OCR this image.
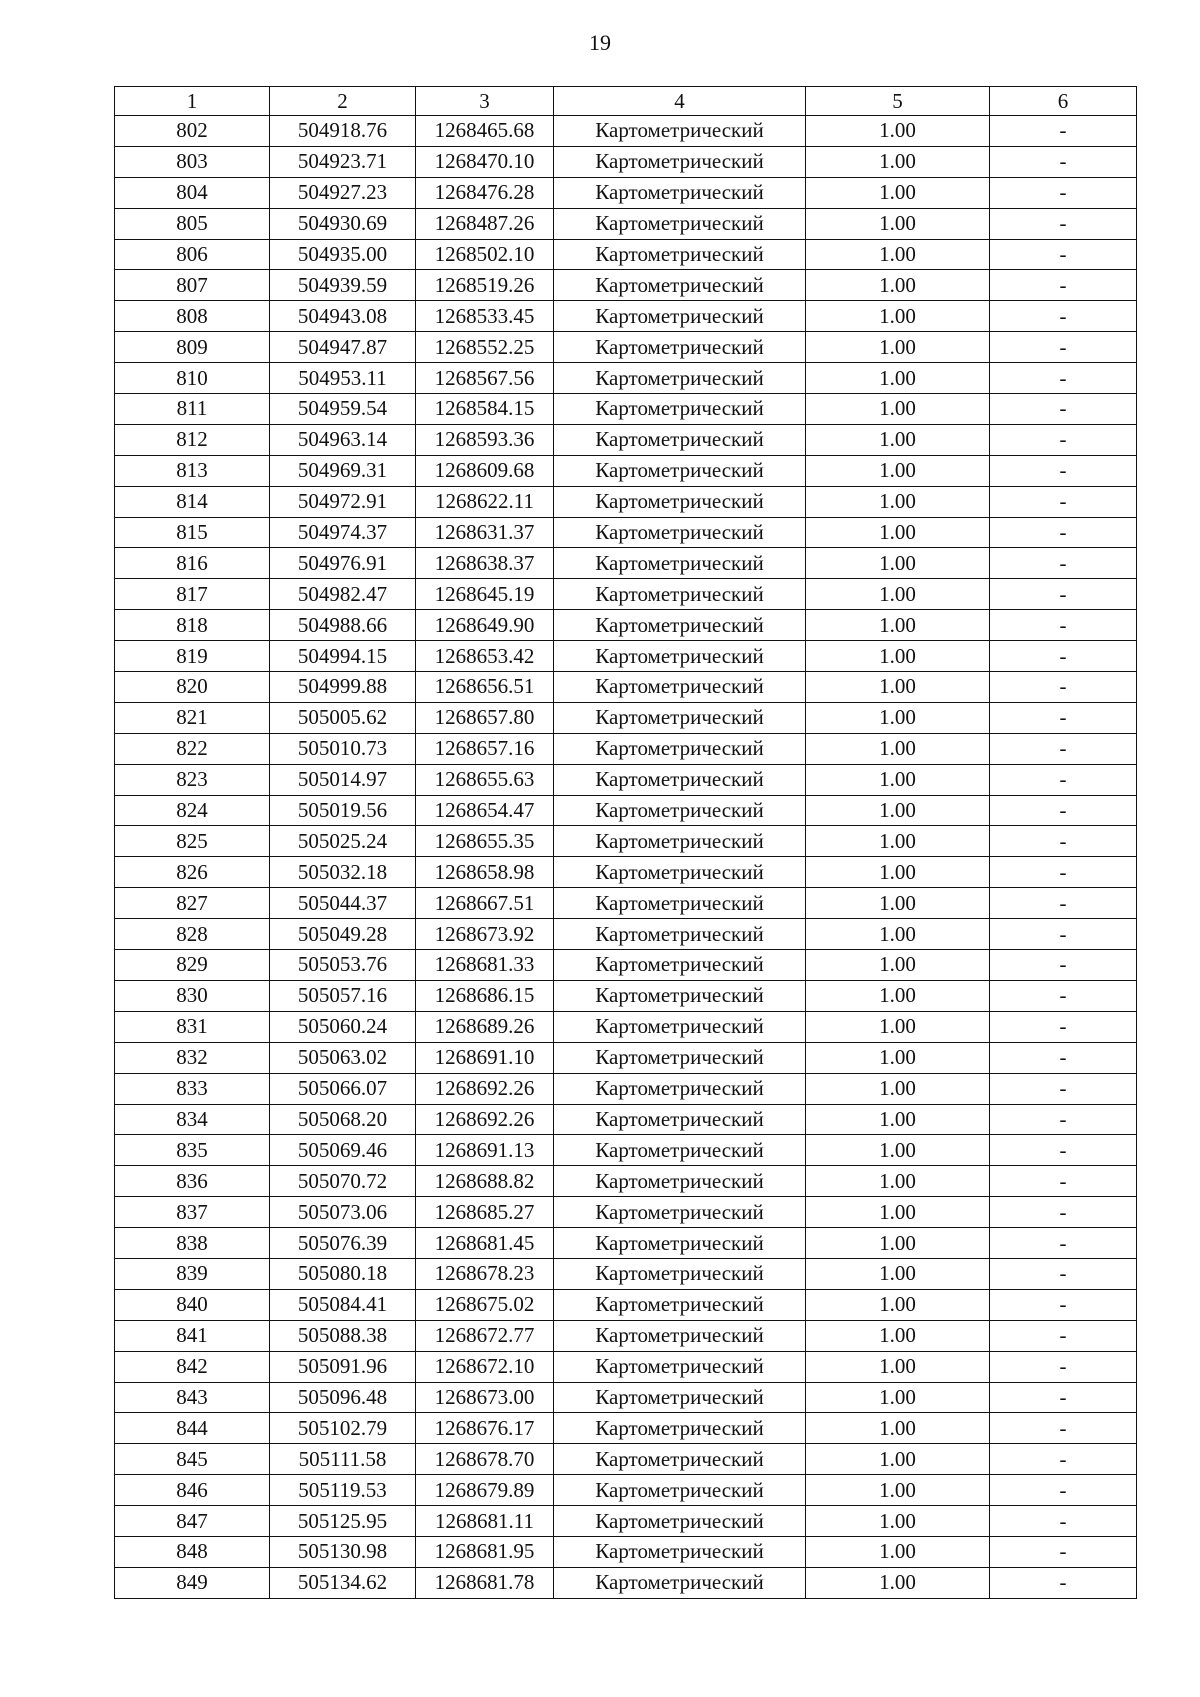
19
1	2	3	4	5	6
802	504918.76	1268465.68	Картометрический	1.00	-
803	504923.71	1268470.10	Картометрический	1.00	-
804	504927.23	1268476.28	Картометрический	1.00	-
805	504930.69	1268487.26	Картометрический	1.00	-
806	504935.00	1268502.10	Картометрический	1.00	-
807	504939.59	1268519.26	Картометрический	1.00	-
808	504943.08	1268533.45	Картометрический	1.00	-
809	504947.87	1268552.25	Картометрический	1.00	-
810	504953.11	1268567.56	Картометрический	1.00	-
811	504959.54	1268584.15	Картометрический	1.00	-
812	504963.14	1268593.36	Картометрический	1.00	-
813	504969.31	1268609.68	Картометрический	1.00	-
814	504972.91	1268622.11	Картометрический	1.00	-
815	504974.37	1268631.37	Картометрический	1.00	-
816	504976.91	1268638.37	Картометрический	1.00	-
817	504982.47	1268645.19	Картометрический	1.00	-
818	504988.66	1268649.90	Картометрический	1.00	-
819	504994.15	1268653.42	Картометрический	1.00	-
820	504999.88	1268656.51	Картометрический	1.00	-
821	505005.62	1268657.80	Картометрический	1.00	-
822	505010.73	1268657.16	Картометрический	1.00	-
823	505014.97	1268655.63	Картометрический	1.00	-
824	505019.56	1268654.47	Картометрический	1.00	-
825	505025.24	1268655.35	Картометрический	1.00	-
826	505032.18	1268658.98	Картометрический	1.00	-
827	505044.37	1268667.51	Картометрический	1.00	-
828	505049.28	1268673.92	Картометрический	1.00	-
829	505053.76	1268681.33	Картометрический	1.00	-
830	505057.16	1268686.15	Картометрический	1.00	-
831	505060.24	1268689.26	Картометрический	1.00	-
832	505063.02	1268691.10	Картометрический	1.00	-
833	505066.07	1268692.26	Картометрический	1.00	-
834	505068.20	1268692.26	Картометрический	1.00	-
835	505069.46	1268691.13	Картометрический	1.00	-
836	505070.72	1268688.82	Картометрический	1.00	-
837	505073.06	1268685.27	Картометрический	1.00	-
838	505076.39	1268681.45	Картометрический	1.00	-
839	505080.18	1268678.23	Картометрический	1.00	-
840	505084.41	1268675.02	Картометрический	1.00	-
841	505088.38	1268672.77	Картометрический	1.00	-
842	505091.96	1268672.10	Картометрический	1.00	-
843	505096.48	1268673.00	Картометрический	1.00	-
844	505102.79	1268676.17	Картометрический	1.00	-
845	505111.58	1268678.70	Картометрический	1.00	-
846	505119.53	1268679.89	Картометрический	1.00	-
847	505125.95	1268681.11	Картометрический	1.00	-
848	505130.98	1268681.95	Картометрический	1.00	-
849	505134.62	1268681.78	Картометрический	1.00	-
